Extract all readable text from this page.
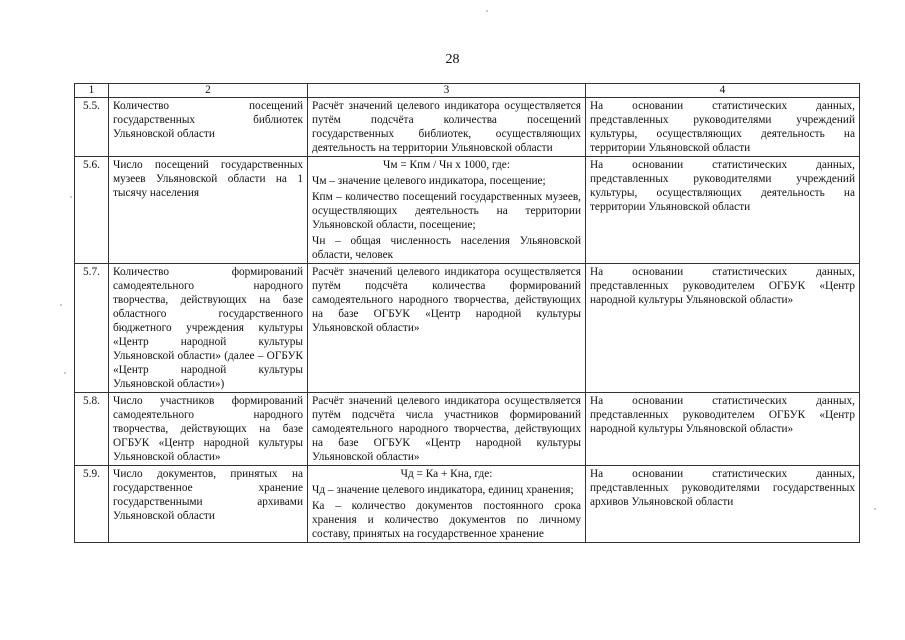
28
1	2	3	4
5.5.	Количество посещений государственных библиотек Ульяновской области	Расчёт значений целевого индикатора осуществляется путём подсчёта количества посещений государственных библиотек, осуществляющих деятельность на территории Ульяновской области	На основании статистических данных, представленных руководителями учреждений культуры, осуществляющих деятельность на территории Ульяновской области
5.6.	Число посещений государственных музеев Ульяновской области на 1 тысячу населения	Чм = Кпм / Чн х 1000, где:
Чм – значение целевого индикатора, посещение;
Кпм – количество посещений государственных музеев, осуществляющих деятельность на территории Ульяновской области, посещение;
Чн – общая численность населения Ульяновской области, человек	На основании статистических данных, представленных руководителями учреждений культуры, осуществляющих деятельность на территории Ульяновской области
5.7.	Количество формирований самодеятельного народного творчества, действующих на базе областного государственного бюджетного учреждения культуры «Центр народной культуры Ульяновской области» (далее – ОГБУК «Центр народной культуры Ульяновской области»)	Расчёт значений целевого индикатора осуществляется путём подсчёта количества формирований самодеятельного народного творчества, действующих на базе ОГБУК «Центр народной культуры Ульяновской области»	На основании статистических данных, представленных руководителем ОГБУК «Центр народной культуры Ульяновской области»
5.8.	Число участников формирований самодеятельного народного творчества, действующих на базе ОГБУК «Центр народной культуры Ульяновской области»	Расчёт значений целевого индикатора осуществляется путём подсчёта числа участников формирований самодеятельного народного творчества, действующих на базе ОГБУК «Центр народной культуры Ульяновской области»	На основании статистических данных, представленных руководителем ОГБУК «Центр народной культуры Ульяновской области»
5.9.	Число документов, принятых на государственное хранение государственными архивами Ульяновской области	Чд = Ка + Кна, где:
Чд – значение целевого индикатора, единиц хранения;
Ка – количество документов постоянного срока хранения и количество документов по личному составу, принятых на государственное хранение	На основании статистических данных, представленных руководителями государственных архивов Ульяновской области
